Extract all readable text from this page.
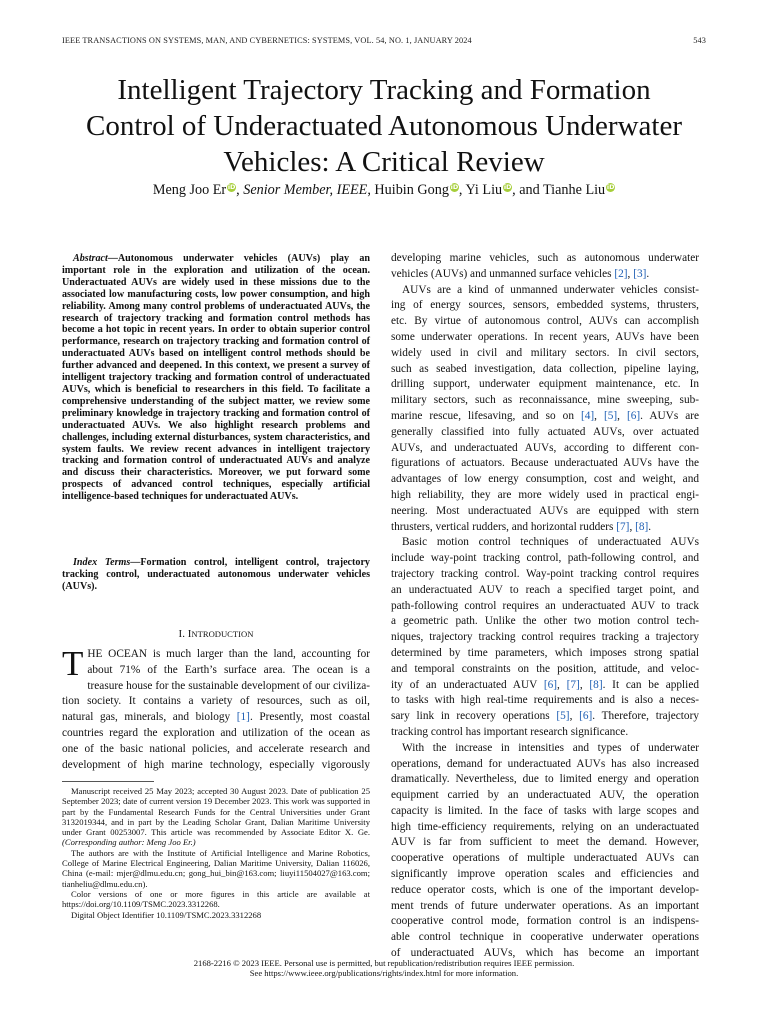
IEEE TRANSACTIONS ON SYSTEMS, MAN, AND CYBERNETICS: SYSTEMS, VOL. 54, NO. 1, JANUARY 2024	543
Intelligent Trajectory Tracking and Formation
Control of Underactuated Autonomous Underwater
Vehicles: A Critical Review
Meng Joo Er iD, Senior Member, IEEE, Huibin Gong iD, Yi Liu iD, and Tianhe Liu iD
Abstract—Autonomous underwater vehicles (AUVs) play an important role in the exploration and utilization of the ocean. Underactuated AUVs are widely used in these missions due to the associated low manufacturing costs, low power consumption, and high reliability. Among many control problems of underactuated AUVs, the research of trajectory tracking and formation control methods has become a hot topic in recent years. In order to obtain superior control performance, research on trajectory tracking and formation control of underactuated AUVs based on intelligent control methods should be further advanced and deepened. In this context, we present a survey of intelligent trajectory tracking and formation control of underactuated AUVs, which is beneficial to researchers in this field. To facilitate a comprehensive understanding of the subject matter, we review some preliminary knowledge in trajectory tracking and formation control of underactuated AUVs. We also highlight research problems and challenges, including external disturbances, system characteristics, and system faults. We review recent advances in intelligent trajectory tracking and formation control of underactuated AUVs and analyze and discuss their characteristics. Moreover, we put forward some prospects of advanced control techniques, especially artificial intelligence-based techniques for underactuated AUVs.
Index Terms—Formation control, intelligent control, trajectory tracking control, underactuated autonomous underwater vehicles (AUVs).
I. INTRODUCTION
T HE OCEAN is much larger than the land, accounting for
about 71% of the Earth’s surface area. The ocean is a
treasure house for the sustainable development of our civiliza-
tion society. It contains a variety of resources, such as oil,
natural gas, minerals, and biology [1]. Presently, most coastal
countries regard the exploration and utilization of the ocean as
one of the basic national policies, and accelerate research and
development of high marine technology, especially vigorously
Manuscript received 25 May 2023; accepted 30 August 2023. Date of publication 25 September 2023; date of current version 19 December 2023. This work was supported in part by the Fundamental Research Funds for the Central Universities under Grant 3132019344, and in part by the Leading Scholar Grant, Dalian Maritime University under Grant 00253007. This article was recommended by Associate Editor X. Ge. (Corresponding author: Meng Joo Er.)
The authors are with the Institute of Artificial Intelligence and Marine Robotics, College of Marine Electrical Engineering, Dalian Maritime University, Dalian 116026, China (e-mail: mjer@dlmu.edu.cn; gong_hui_bin@163.com; liuyi11504027@163.com; tianheliu@dlmu.edu.cn).
Color versions of one or more figures in this article are available at https://doi.org/10.1109/TSMC.2023.3312268.
Digital Object Identifier 10.1109/TSMC.2023.3312268
developing marine vehicles, such as autonomous underwater
vehicles (AUVs) and unmanned surface vehicles [2], [3].
AUVs are a kind of unmanned underwater vehicles consist-
ing of energy sources, sensors, embedded systems, thrusters,
etc. By virtue of autonomous control, AUVs can accomplish
some underwater operations. In recent years, AUVs have been
widely used in civil and military sectors. In civil sectors,
such as seabed investigation, data collection, pipeline laying,
drilling support, underwater equipment maintenance, etc. In
military sectors, such as reconnaissance, mine sweeping, sub-
marine rescue, lifesaving, and so on [4], [5], [6]. AUVs are
generally classified into fully actuated AUVs, over actuated
AUVs, and underactuated AUVs, according to different con-
figurations of actuators. Because underactuated AUVs have the
advantages of low energy consumption, cost and weight, and
high reliability, they are more widely used in practical engi-
neering. Most underactuated AUVs are equipped with stern
thrusters, vertical rudders, and horizontal rudders [7], [8].
Basic motion control techniques of underactuated AUVs
include way-point tracking control, path-following control, and
trajectory tracking control. Way-point tracking control requires
an underactuated AUV to reach a specified target point, and
path-following control requires an underactuated AUV to track
a geometric path. Unlike the other two motion control tech-
niques, trajectory tracking control requires tracking a trajectory
determined by time parameters, which imposes strong spatial
and temporal constraints on the position, attitude, and veloc-
ity of an underactuated AUV [6], [7], [8]. It can be applied
to tasks with high real-time requirements and is also a neces-
sary link in recovery operations [5], [6]. Therefore, trajectory
tracking control has important research significance.
With the increase in intensities and types of underwater
operations, demand for underactuated AUVs has also increased
dramatically. Nevertheless, due to limited energy and operation
equipment carried by an underactuated AUV, the operation
capacity is limited. In the face of tasks with large scopes and
high time-efficiency requirements, relying on an underactuated
AUV is far from sufficient to meet the demand. However,
cooperative operations of multiple underactuated AUVs can
significantly improve operation scales and efficiencies and
reduce operator costs, which is one of the important develop-
ment trends of future underwater operations. As an important
cooperative control mode, formation control is an indispens-
able control technique in cooperative underwater operations
of underactuated AUVs, which has become an important
2168-2216 © 2023 IEEE. Personal use is permitted, but republication/redistribution requires IEEE permission.
See https://www.ieee.org/publications/rights/index.html for more information.
